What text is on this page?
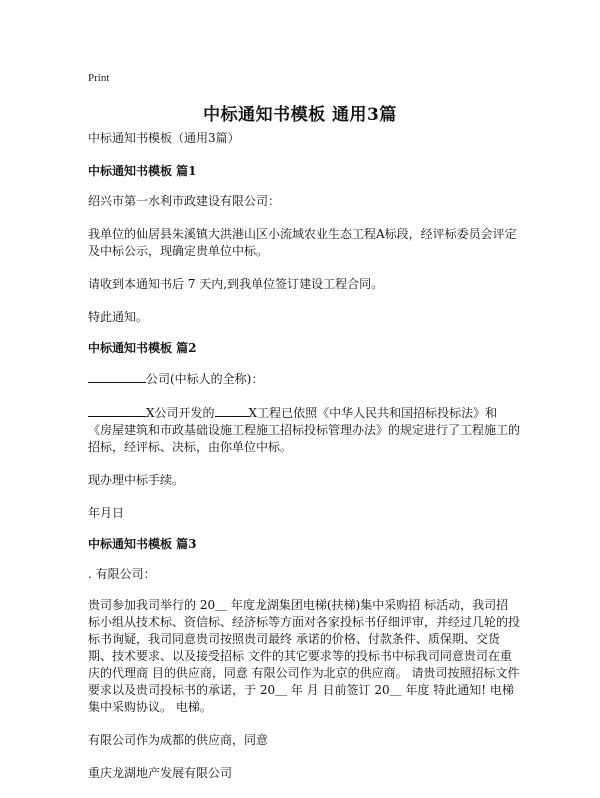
Print
中标通知书模板 通用3篇

中标通知书模板（通用3篇）

中标通知书模板 篇1

绍兴市第一水利市政建设有限公司：

我单位的仙居县朱溪镇大洪港山区小流域农业生态工程A标段，经评标委员会评定及中标公示，现确定贵单位中标。

请收到本通知书后 7 天内,到我单位签订建设工程合同。

特此通知。

中标通知书模板 篇2

公司(中标人的全称)：

X公司开发的	X工程已依照《中华人民共和国招标投标法》和《房屋建筑和市政基础设施工程施工招标投标管理办法》的规定进行了工程施工的招标，经评标、决标，由你单位中标。

现办理中标手续。

年月日

中标通知书模板 篇3

. 有限公司：

贵司参加我司举行的 20＿ 年度龙湖集团电梯(扶梯)集中采购招 标活动，我司招标小组从技术标、资信标、经济标等方面对各家投标书仔细评审，并经过几轮的投标书询疑，我司同意贵司按照贵司最终 承诺的价格、付款条件、质保期、交货期、技术要求、以及接受招标 文件的其它要求等的投标书中标我司同意贵司在重庆的代理商 目的供应商，同意 有限公司作为北京的供应商。 请贵司按照招标文件要求以及贵司投标书的承诺，于 20＿ 年 月 日前签订 20＿ 年度 特此通知! 电梯集中采购协议。 电梯。

有限公司作为成都的供应商，同意

重庆龙湖地产发展有限公司
